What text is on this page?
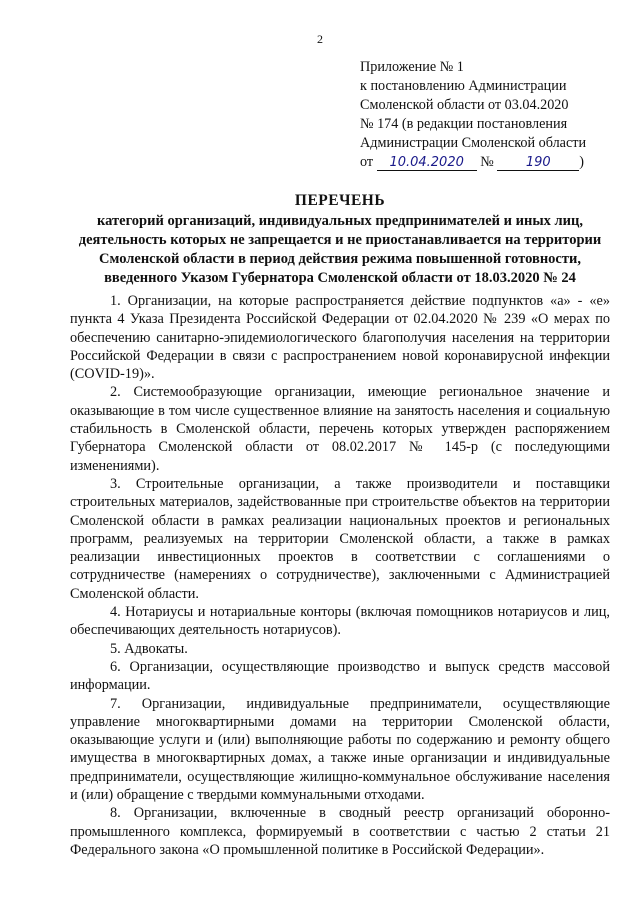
2
Приложение № 1
к постановлению Администрации
Смоленской области от 03.04.2020
№ 174 (в редакции постановления
Администрации Смоленской области
от 10.04.2020 № 190 )
ПЕРЕЧЕНЬ
категорий организаций, индивидуальных предпринимателей и иных лиц,
деятельность которых не запрещается и не приостанавливается на территории
Смоленской области в период действия режима повышенной готовности,
введенного Указом Губернатора Смоленской области от 18.03.2020 № 24

1. Организации, на которые распространяется действие подпунктов «а» - «е» пункта 4 Указа Президента Российской Федерации от 02.04.2020 № 239 «О мерах по обеспечению санитарно-эпидемиологического благополучия населения на территории Российской Федерации в связи с распространением новой коронавирусной инфекции (COVID-19)».

2. Системообразующие организации, имеющие региональное значение и оказывающие в том числе существенное влияние на занятость населения и социальную стабильность в Смоленской области, перечень которых утвержден распоряжением Губернатора Смоленской области от 08.02.2017 № 145-р (с последующими изменениями).

3. Строительные организации, а также производители и поставщики строительных материалов, задействованные при строительстве объектов на территории Смоленской области в рамках реализации национальных проектов и региональных программ, реализуемых на территории Смоленской области, а также в рамках реализации инвестиционных проектов в соответствии с соглашениями о сотрудничестве (намерениях о сотрудничестве), заключенными с Администрацией Смоленской области.

4. Нотариусы и нотариальные конторы (включая помощников нотариусов и лиц, обеспечивающих деятельность нотариусов).

5. Адвокаты.

6. Организации, осуществляющие производство и выпуск средств массовой информации.

7. Организации, индивидуальные предприниматели, осуществляющие управление многоквартирными домами на территории Смоленской области, оказывающие услуги и (или) выполняющие работы по содержанию и ремонту общего имущества в многоквартирных домах, а также иные организации и индивидуальные предприниматели, осуществляющие жилищно-коммунальное обслуживание населения и (или) обращение с твердыми коммунальными отходами.

8. Организации, включенные в сводный реестр организаций оборонно-промышленного комплекса, формируемый в соответствии с частью 2 статьи 21 Федерального закона «О промышленной политике в Российской Федерации».
